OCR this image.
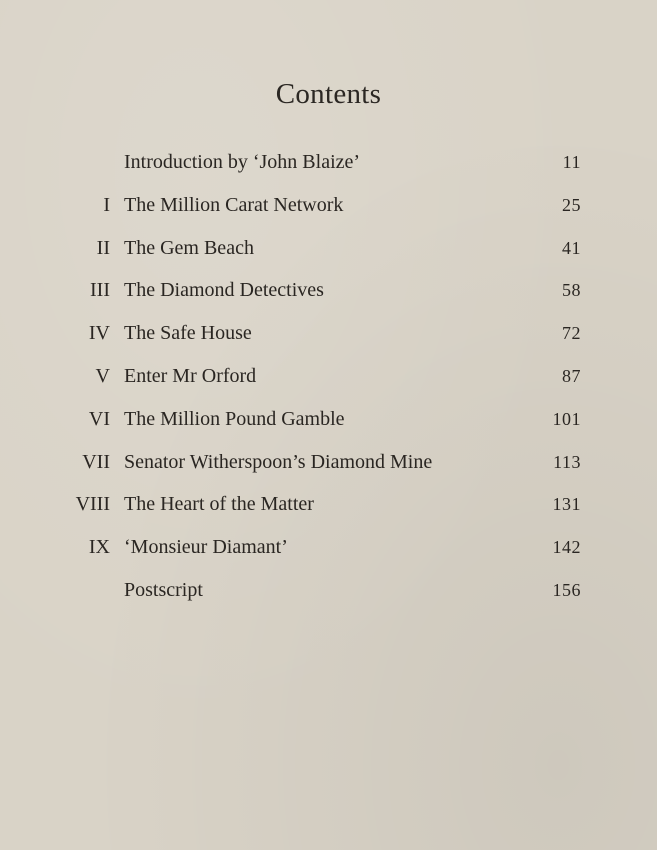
Contents
Introduction by ‘John Blaize’	11
I The Million Carat Network	25
II The Gem Beach	41
III The Diamond Detectives	58
IV The Safe House	72
V Enter Mr Orford	87
VI The Million Pound Gamble	101
VII Senator Witherspoon’s Diamond Mine	113
VIII The Heart of the Matter	131
IX ‘Monsieur Diamant’	142
Postscript	156
